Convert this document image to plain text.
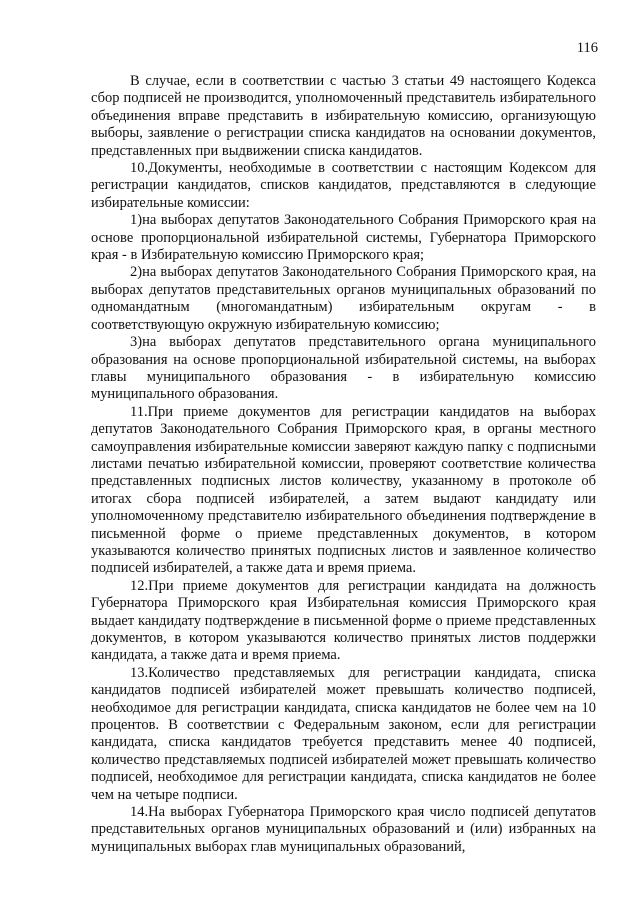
116

В случае, если в соответствии с частью 3 статьи 49 настоящего Кодекса сбор подписей не производится, уполномоченный представитель избирательного объединения вправе представить в избирательную комиссию, организующую выборы, заявление о регистрации списка кандидатов на основании документов, представленных при выдвижении списка кандидатов.

10.Документы, необходимые в соответствии с настоящим Кодексом для регистрации кандидатов, списков кандидатов, представляются в следующие избирательные комиссии:

1)на выборах депутатов Законодательного Собрания Приморского края на основе пропорциональной избирательной системы, Губернатора Приморского края - в Избирательную комиссию Приморского края;

2)на выборах депутатов Законодательного Собрания Приморского края, на выборах депутатов представительных органов муниципальных образований по одномандатным (многомандатным) избирательным округам - в соответствующую окружную избирательную комиссию;

3)на выборах депутатов представительного органа муниципального образования на основе пропорциональной избирательной системы, на выборах главы муниципального образования - в избирательную комиссию муниципального образования.

11.При приеме документов для регистрации кандидатов на выборах депутатов Законодательного Собрания Приморского края, в органы местного самоуправления избирательные комиссии заверяют каждую папку с подписными листами печатью избирательной комиссии, проверяют соответствие количества представленных подписных листов количеству, указанному в протоколе об итогах сбора подписей избирателей, а затем выдают кандидату или уполномоченному представителю избирательного объединения подтверждение в письменной форме о приеме представленных документов, в котором указываются количество принятых подписных листов и заявленное количество подписей избирателей, а также дата и время приема.

12.При приеме документов для регистрации кандидата на должность Губернатора Приморского края Избирательная комиссия Приморского края выдает кандидату подтверждение в письменной форме о приеме представленных документов, в котором указываются количество принятых листов поддержки кандидата, а также дата и время приема.

13.Количество представляемых для регистрации кандидата, списка кандидатов подписей избирателей может превышать количество подписей, необходимое для регистрации кандидата, списка кандидатов не более чем на 10 процентов. В соответствии с Федеральным законом, если для регистрации кандидата, списка кандидатов требуется представить менее 40 подписей, количество представляемых подписей избирателей может превышать количество подписей, необходимое для регистрации кандидата, списка кандидатов не более чем на четыре подписи.

14.На выборах Губернатора Приморского края число подписей депутатов представительных органов муниципальных образований и (или) избранных на муниципальных выборах глав муниципальных образований,
